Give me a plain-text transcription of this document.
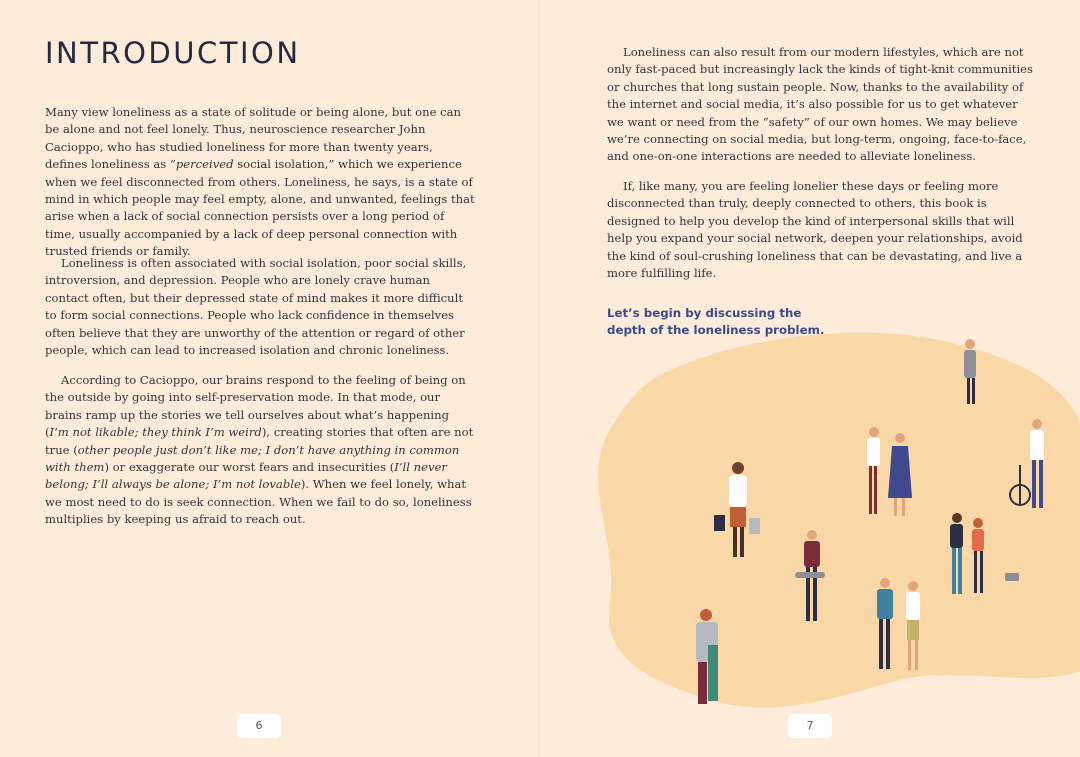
INTRODUCTION

Many view loneliness as a state of solitude or being alone, but one can be alone and not feel lonely. Thus, neuroscience researcher John Cacioppo, who has studied loneliness for more than twenty years, defines loneliness as “perceived social isolation,” which we experience when we feel disconnected from others. Loneliness, he says, is a state of mind in which people may feel empty, alone, and unwanted, feelings that arise when a lack of social connection persists over a long period of time, usually accompanied by a lack of deep personal connection with trusted friends or family.

Loneliness is often associated with social isolation, poor social skills, introversion, and depression. People who are lonely crave human contact often, but their depressed state of mind makes it more difficult to form social connections. People who lack confidence in themselves often believe that they are unworthy of the attention or regard of other people, which can lead to increased isolation and chronic loneliness.

According to Cacioppo, our brains respond to the feeling of being on the outside by going into self-preservation mode. In that mode, our brains ramp up the stories we tell ourselves about what’s happening (I’m not likable; they think I’m weird), creating stories that often are not true (other people just don’t like me; I don’t have anything in common with them) or exaggerate our worst fears and insecurities (I’ll never belong; I’ll always be alone; I’m not lovable). When we feel lonely, what we most need to do is seek connection. When we fail to do so, loneliness multiplies by keeping us afraid to reach out.

6

Loneliness can also result from our modern lifestyles, which are not only fast-paced but increasingly lack the kinds of tight-knit communities or churches that long sustain people. Now, thanks to the availability of the internet and social media, it’s also possible for us to get whatever we want or need from the “safety” of our own homes. We may believe we’re connecting on social media, but long-term, ongoing, face-to-face, and one-on-one interactions are needed to alleviate loneliness.

If, like many, you are feeling lonelier these days or feeling more disconnected than truly, deeply connected to others, this book is designed to help you develop the kind of interpersonal skills that will help you expand your social network, deepen your relationships, avoid the kind of soul-crushing loneliness that can be devastating, and live a more fulfilling life.

Let’s begin by discussing the depth of the loneliness problem.

7
